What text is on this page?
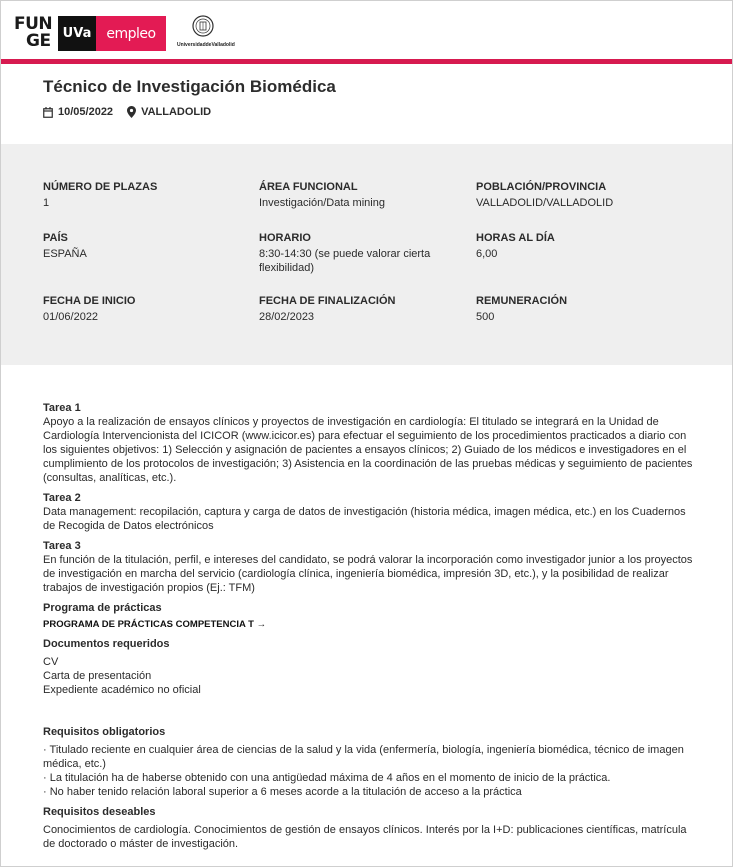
FUN
GE UVa	empleo
UniversidaddeValladolid
Técnico de Investigación Biomédica
10/05/2022	VALLADOLID
NÚMERO DE PLAZAS
1
ÁREA FUNCIONAL
Investigación/Data mining
POBLACIÓN/PROVINCIA
VALLADOLID/VALLADOLID
PAÍS
ESPAÑA
HORARIO
8:30-14:30 (se puede valorar cierta flexibilidad)
HORAS AL DÍA
6,00
FECHA DE INICIO
01/06/2022
FECHA DE FINALIZACIÓN
28/02/2023
REMUNERACIÓN
500
Tarea 1

Apoyo a la realización de ensayos clínicos y proyectos de investigación en cardiología: El titulado se integrará en la Unidad de Cardiología Intervencionista del ICICOR (www.icicor.es) para efectuar el seguimiento de los procedimientos practicados a diario con los siguientes objetivos: 1) Selección y asignación de pacientes a ensayos clínicos; 2) Guiado de los médicos e investigadores en el cumplimiento de los protocolos de investigación; 3) Asistencia en la coordinación de las pruebas médicas y seguimiento de pacientes (consultas, analíticas, etc.).

Tarea 2

Data management: recopilación, captura y carga de datos de investigación (historia médica, imagen médica, etc.) en los Cuadernos de Recogida de Datos electrónicos

Tarea 3

En función de la titulación, perfil, e intereses del candidato, se podrá valorar la incorporación como investigador junior a los proyectos de investigación en marcha del servicio (cardiología clínica, ingeniería biomédica, impresión 3D, etc.), y la posibilidad de realizar trabajos de investigación propios (Ej.: TFM)

Programa de prácticas
PROGRAMA DE PRÁCTICAS COMPETENCIA T →
Documentos requeridos

CV

Carta de presentación

Expediente académico no oficial

Requisitos obligatorios

· Titulado reciente en cualquier área de ciencias de la salud y la vida (enfermería, biología, ingeniería biomédica, técnico de imagen médica, etc.)

· La titulación ha de haberse obtenido con una antigüedad máxima de 4 años en el momento de inicio de la práctica.

· No haber tenido relación laboral superior a 6 meses acorde a la titulación de acceso a la práctica

Requisitos deseables

Conocimientos de cardiología. Conocimientos de gestión de ensayos clínicos. Interés por la I+D: publicaciones científicas, matrícula de doctorado o máster de investigación.
